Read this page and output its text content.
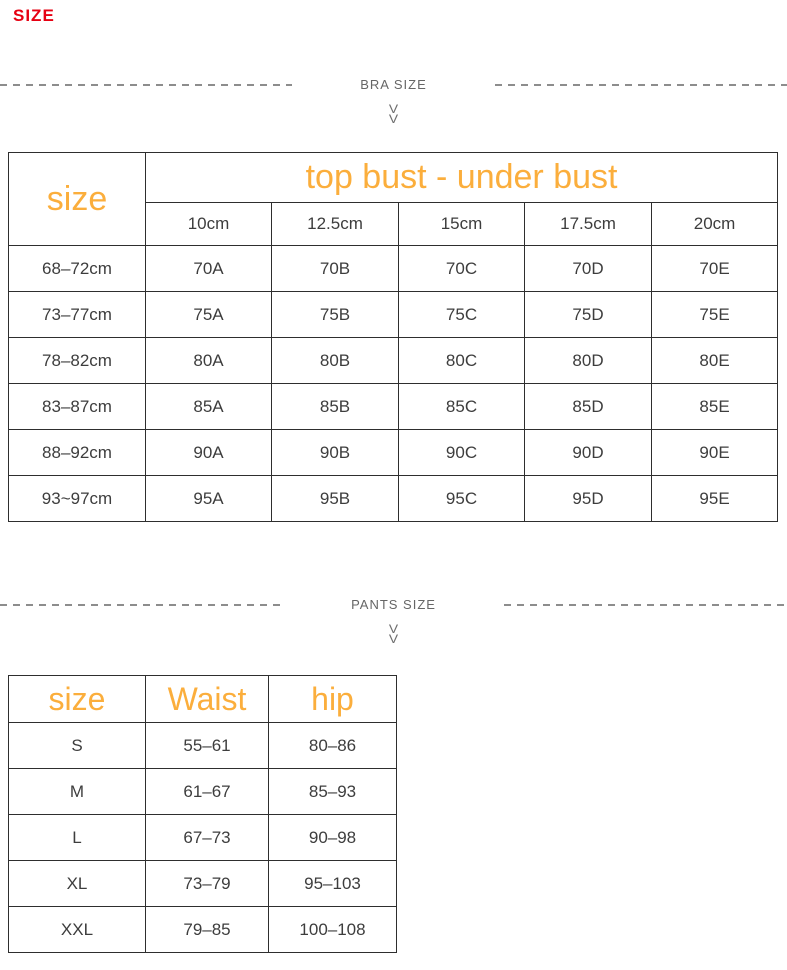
SIZE
BRA SIZE
V
V
size	top bust - under bust				
	10cm	12.5cm	15cm	17.5cm	20cm
68–72cm	70A	70B	70C	70D	70E
73–77cm	75A	75B	75C	75D	75E
78–82cm	80A	80B	80C	80D	80E
83–87cm	85A	85B	85C	85D	85E
88–92cm	90A	90B	90C	90D	90E
93~97cm	95A	95B	95C	95D	95E
PANTS SIZE
V
V
size	Waist	hip
S	55–61	80–86
M	61–67	85–93
L	67–73	90–98
XL	73–79	95–103
XXL	79–85	100–108
